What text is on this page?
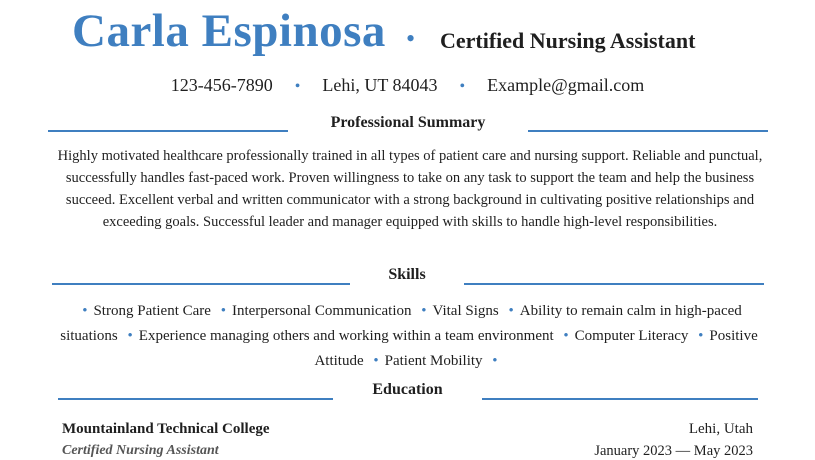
Carla Espinosa • Certified Nursing Assistant
123-456-7890 • Lehi, UT 84043 • Example@gmail.com
Professional Summary
Highly motivated healthcare professionally trained in all types of patient care and nursing support. Reliable and punctual, successfully handles fast-paced work. Proven willingness to take on any task to support the team and help the business succeed. Excellent verbal and written communicator with a strong background in cultivating positive relationships and exceeding goals. Successful leader and manager equipped with skills to handle high-level responsibilities.
Skills
• Strong Patient Care • Interpersonal Communication • Vital Signs • Ability to remain calm in high-paced situations • Experience managing others and working within a team environment • Computer Literacy • Positive Attitude • Patient Mobility •
Education
Mountainland Technical College
Certified Nursing Assistant
Lehi, Utah
January 2023 — May 2023
